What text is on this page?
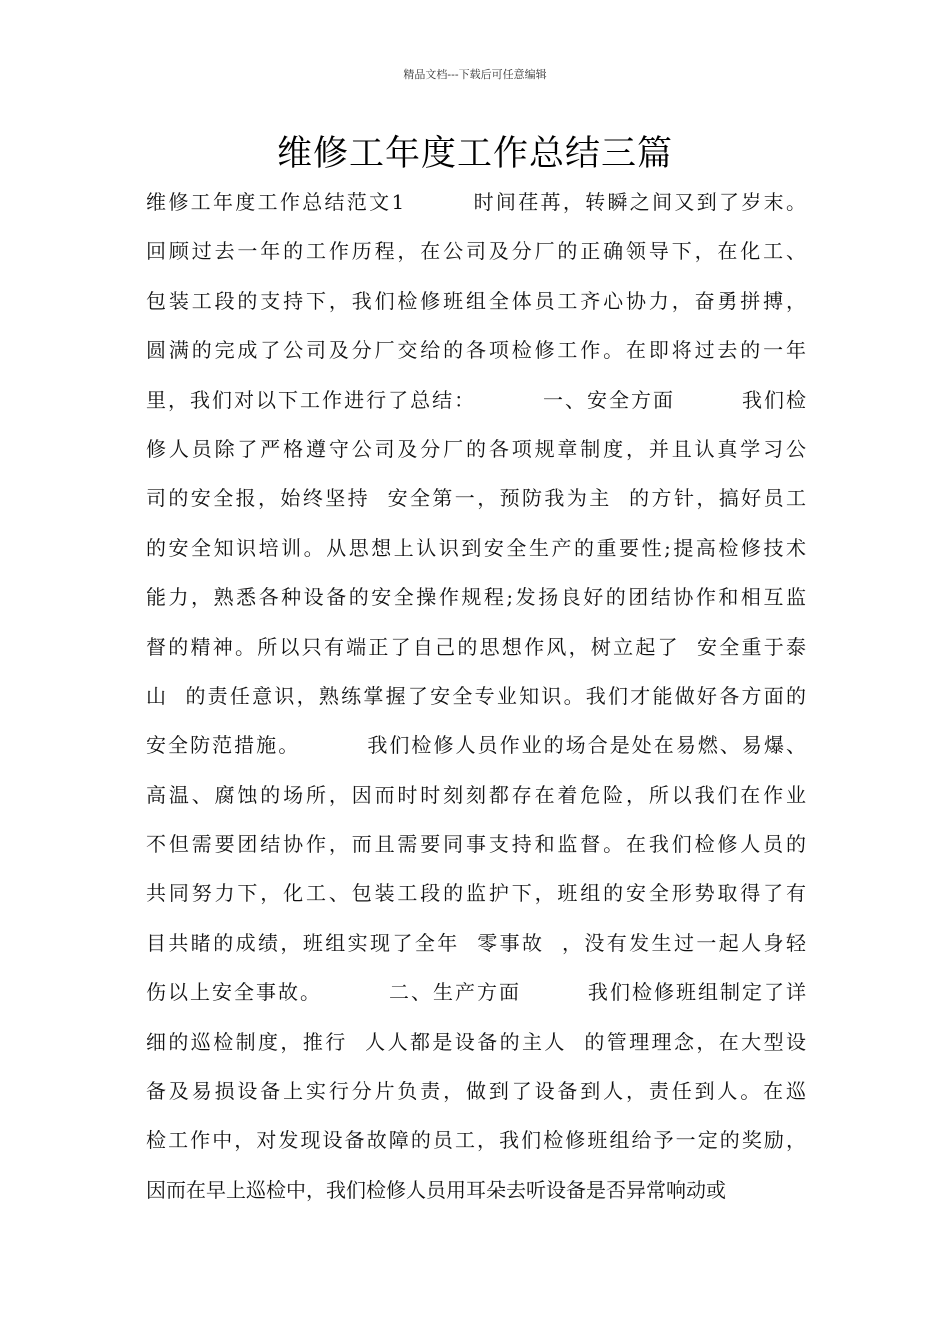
精品文档---下载后可任意编辑
维修工年度工作总结三篇
维修工年度工作总结范文1        时间荏苒，转瞬之间又到了岁末。
回顾过去一年的工作历程，在公司及分厂的正确领导下，在化工、
包装工段的支持下，我们检修班组全体员工齐心协力，奋勇拼搏，
圆满的完成了公司及分厂交给的各项检修工作。在即将过去的一年
里，我们对以下工作进行了总结：        一、安全方面        我们检
修人员除了严格遵守公司及分厂的各项规章制度，并且认真学习公
司的安全报，始终坚持  安全第一，预防我为主  的方针，搞好员工
的安全知识培训。从思想上认识到安全生产的重要性;提高检修技术
能力，熟悉各种设备的安全操作规程;发扬良好的团结协作和相互监
督的精神。所以只有端正了自己的思想作风，树立起了  安全重于泰
山  的责任意识，熟练掌握了安全专业知识。我们才能做好各方面的
安全防范措施。        我们检修人员作业的场合是处在易燃、易爆、
高温、腐蚀的场所，因而时时刻刻都存在着危险，所以我们在作业
不但需要团结协作，而且需要同事支持和监督。在我们检修人员的
共同努力下，化工、包装工段的监护下，班组的安全形势取得了有
目共睹的成绩，班组实现了全年  零事故  ，没有发生过一起人身轻
伤以上安全事故。        二、生产方面        我们检修班组制定了详
细的巡检制度，推行  人人都是设备的主人  的管理理念，在大型设
备及易损设备上实行分片负责，做到了设备到人，责任到人。在巡
检工作中，对发现设备故障的员工，我们检修班组给予一定的奖励，
因而在早上巡检中，我们检修人员用耳朵去听设备是否异常响动或
